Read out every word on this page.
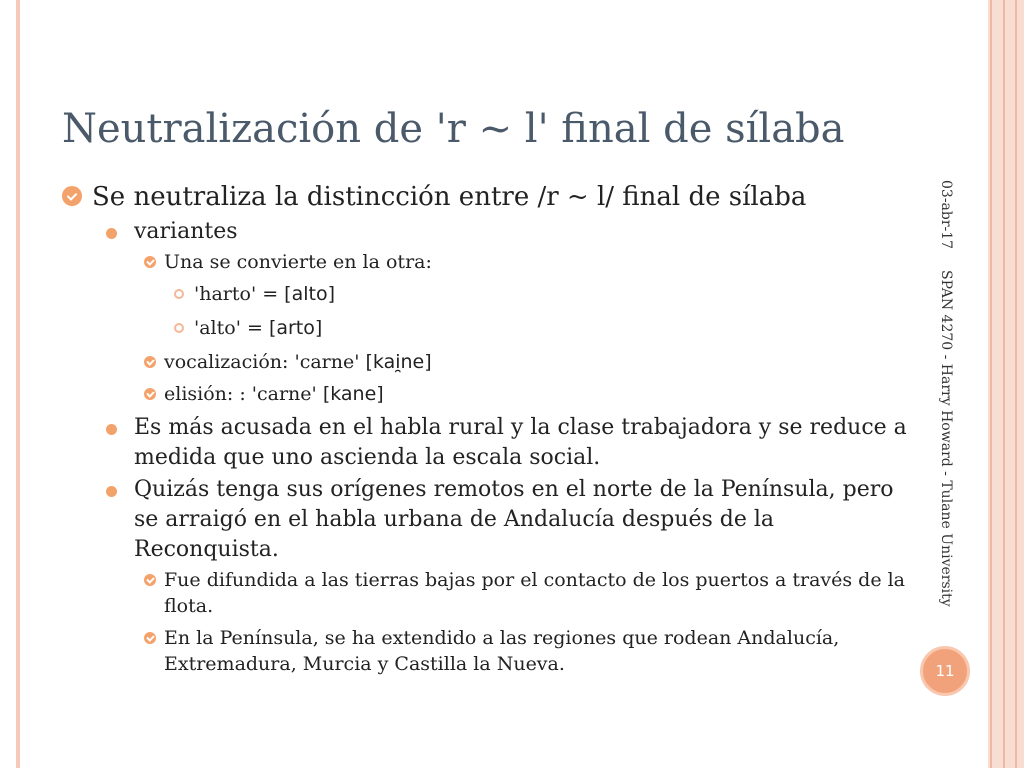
Neutralización de 'r ~ l' final de sílaba
Se neutraliza la distincción entre /r ~ l/ final de sílaba
variantes
Una se convierte en la otra:
'harto' = [alto]
'alto' = [arto]
vocalización: 'carne' [kai̯ne]
elisión: : 'carne' [kane]
Es más acusada en el habla rural y la clase trabajadora y se reduce a medida que uno ascienda la escala social.
Quizás tenga sus orígenes remotos en el norte de la Península, pero se arraigó en el habla urbana de Andalucía después de la Reconquista.
Fue difundida a las tierras bajas por el contacto de los puertos a través de la flota.
En la Península, se ha extendido a las regiones que rodean Andalucía, Extremadura, Murcia y Castilla la Nueva.
03-abr-17
SPAN 4270 - Harry Howard - Tulane University
11
